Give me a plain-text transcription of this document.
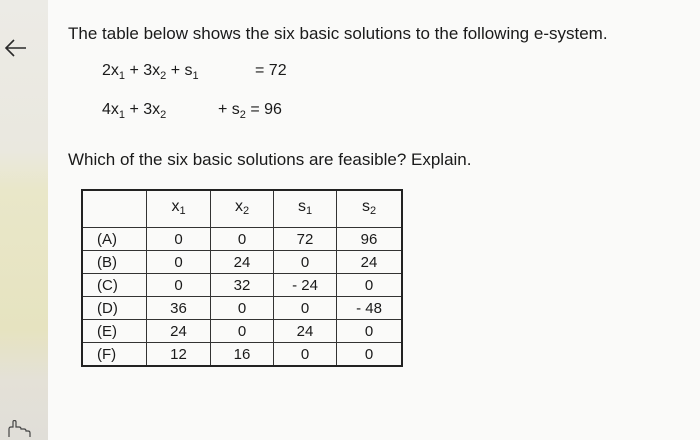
The table below shows the six basic solutions to the following e-system.
$2x_1 + 3x_2 + s_1$	= 72
$4x_1 + 3x_2$	+ $s_2 = 96$
Which of the six basic solutions are feasible? Explain.
	$x_1$	$x_2$	$s_1$	$s_2$
(A)	0	0	72	96
(B)	0	24	0	24
(C)	0	32	- 24	0
(D)	36	0	0	- 48
(E)	24	0	24	0
(F)	12	16	0	0
